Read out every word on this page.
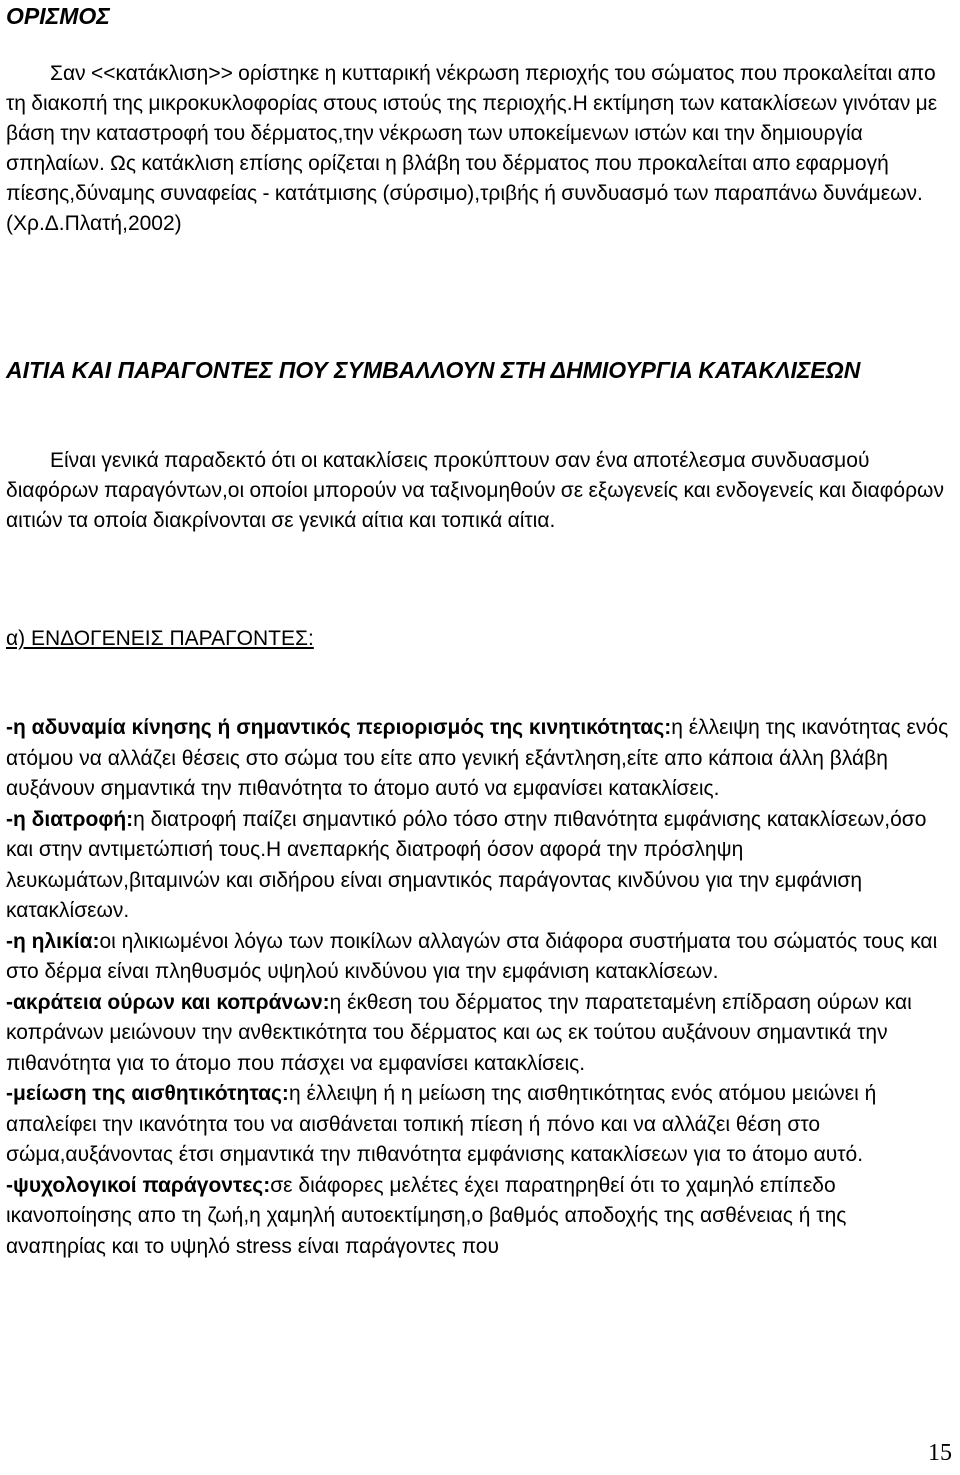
ΟΡΙΣΜΟΣ

Σαν <<κατάκλιση>> ορίστηκε η κυτταρική νέκρωση περιοχής του σώματος που προκαλείται απο τη διακοπή της μικροκυκλοφορίας στους ιστούς της περιοχής.Η εκτίμηση των κατακλίσεων γινόταν με βάση την καταστροφή του δέρματος,την νέκρωση των υποκείμενων ιστών και την δημιουργία σπηλαίων. Ως κατάκλιση επίσης ορίζεται η βλάβη του δέρματος που προκαλείται απο εφαρμογή πίεσης,δύναμης συναφείας - κατάτμισης (σύρσιμο),τριβής ή συνδυασμό των παραπάνω δυνάμεων.(Χρ.Δ.Πλατή,2002)

ΑΙΤΙΑ ΚΑΙ ΠΑΡΑΓΟΝΤΕΣ ΠΟΥ ΣΥΜΒΑΛΛΟΥΝ ΣΤΗ ΔΗΜΙΟΥΡΓΙΑ ΚΑΤΑΚΛΙΣΕΩΝ

Είναι γενικά παραδεκτό ότι οι κατακλίσεις προκύπτουν σαν ένα αποτέλεσμα συνδυασμού διαφόρων παραγόντων,οι οποίοι μπορούν να ταξινομηθούν σε εξωγενείς και ενδογενείς και διαφόρων αιτιών τα οποία διακρίνονται σε γενικά αίτια και τοπικά αίτια.

α) ΕΝΔΟΓΕΝΕΙΣ ΠΑΡΑΓΟΝΤΕΣ:

-η αδυναμία κίνησης ή σημαντικός περιορισμός της κινητικότητας:η έλλειψη της ικανότητας ενός ατόμου να αλλάζει θέσεις στο σώμα του είτε απο γενική εξάντληση,είτε απο κάποια άλλη βλάβη αυξάνουν σημαντικά την πιθανότητα το άτομο αυτό να εμφανίσει κατακλίσεις.

-η διατροφή:η διατροφή παίζει σημαντικό ρόλο τόσο στην πιθανότητα εμφάνισης κατακλίσεων,όσο και στην αντιμετώπισή τους.Η ανεπαρκής διατροφή όσον αφορά την πρόσληψη λευκωμάτων,βιταμινών και σιδήρου είναι σημαντικός παράγοντας κινδύνου για την εμφάνιση κατακλίσεων.

-η ηλικία:οι ηλικιωμένοι λόγω των ποικίλων αλλαγών στα διάφορα συστήματα του σώματός τους και στο δέρμα είναι πληθυσμός υψηλού κινδύνου για την εμφάνιση κατακλίσεων.

-ακράτεια ούρων και κοπράνων:η έκθεση του δέρματος την παρατεταμένη επίδραση ούρων και κοπράνων μειώνουν την ανθεκτικότητα του δέρματος και ως εκ τούτου αυξάνουν σημαντικά την πιθανότητα για το άτομο που πάσχει να εμφανίσει κατακλίσεις.

-μείωση της αισθητικότητας:η έλλειψη ή η μείωση της αισθητικότητας ενός ατόμου μειώνει ή απαλείφει την ικανότητα του να αισθάνεται τοπική πίεση ή πόνο και να αλλάζει θέση στο σώμα,αυξάνοντας έτσι σημαντικά την πιθανότητα εμφάνισης κατακλίσεων για το άτομο αυτό.

-ψυχολογικοί παράγοντες:σε διάφορες μελέτες έχει παρατηρηθεί ότι το χαμηλό επίπεδο ικανοποίησης απο τη ζωή,η χαμηλή αυτοεκτίμηση,ο βαθμός αποδοχής της ασθένειας ή της αναπηρίας και το υψηλό stress είναι παράγοντες που

15
